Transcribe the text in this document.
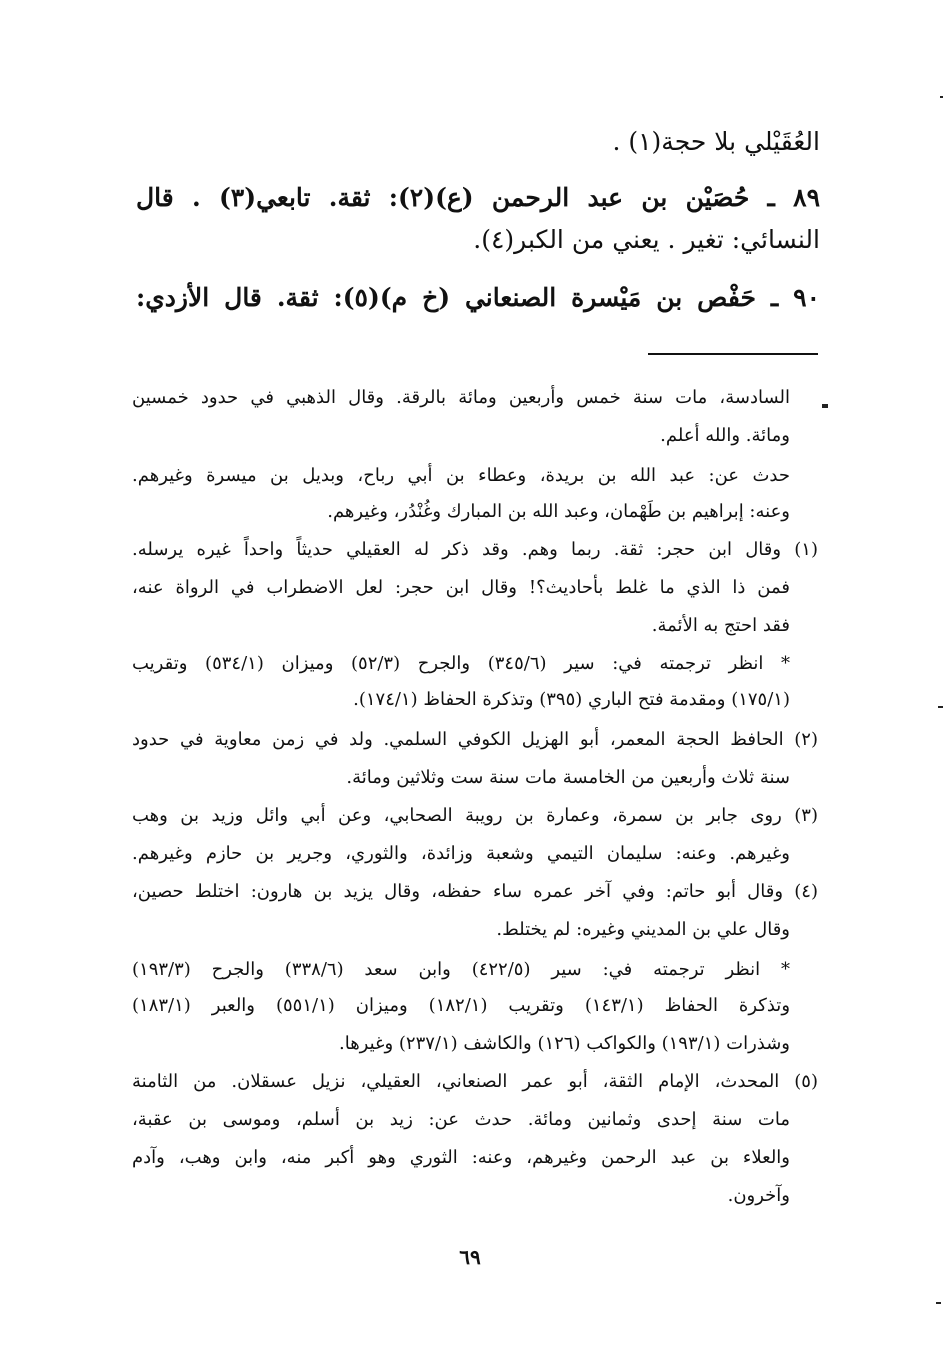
العُقَيْلي بلا حجة(١) .
٨٩ ـ حُصَيْن بن عبد الرحمن (ع)(٢): ثقة. تابعي(٣) . قال
النسائي: تغير . يعني من الكبر(٤).
٩٠ ـ حَفْص بن مَيْسرة الصنعاني (خ م)(٥): ثقة. قال الأزدي:
السادسة، مات سنة خمس وأربعين ومائة بالرقة. وقال الذهبي في حدود خمسين
ومائة. والله أعلم.
حدث عن: عبد الله بن بريدة، وعطاء بن أبي رباح، وبديل بن ميسرة وغيرهم.
وعنه: إبراهيم بن طَهْمان، وعبد الله بن المبارك وغُنْدُر، وغيرهم.
(١) وقال ابن حجر: ثقة. ربما وهم. وقد ذكر له العقيلي حديثاً واحداً غيره يرسله.
فمن ذا الذي ما غلط بأحاديث؟! وقال ابن حجر: لعل الاضطراب في الرواة عنه،
فقد احتج به الأئمة.
* انظر ترجمته في: سير (٣٤٥/٦) والجرح (٥٢/٣) وميزان (٥٣٤/١) وتقريب
(١٧٥/١) ومقدمة فتح الباري (٣٩٥) وتذكرة الحفاظ (١٧٤/١).
(٢) الحافظ الحجة المعمر، أبو الهزيل الكوفي السلمي. ولد في زمن معاوية في حدود
سنة ثلاث وأربعين من الخامسة مات سنة ست وثلاثين ومائة.
(٣) روى جابر بن سمرة، وعمارة بن رويبة الصحابي، وعن أبي وائل وزيد بن وهب
وغيرهم. وعنه: سليمان التيمي وشعبة وزائدة، والثوري، وجرير بن حازم وغيرهم.
(٤) وقال أبو حاتم: وفي آخر عمره ساء حفظه، وقال يزيد بن هارون: اختلط حصين،
وقال علي بن المديني وغيره: لم يختلط.
* انظر ترجمته في: سير (٤٢٢/٥) وابن سعد (٣٣٨/٦) والجرح (١٩٣/٣)
وتذكرة الحفاظ (١٤٣/١) وتقريب (١٨٢/١) وميزان (٥٥١/١) والعبر (١٨٣/١)
وشذرات (١٩٣/١) والكواكب (١٢٦) والكاشف (٢٣٧/١) وغيرها.
(٥) المحدث، الإمام الثقة، أبو عمر الصنعاني، العقيلي، نزيل عسقلان. من الثامنة
مات سنة إحدى وثمانين ومائة. حدث عن: زيد بن أسلم، وموسى بن عقبة،
والعلاء بن عبد الرحمن وغيرهم، وعنه: الثوري وهو أكبر منه، وابن وهب، وآدم
وآخرون.
٦٩
